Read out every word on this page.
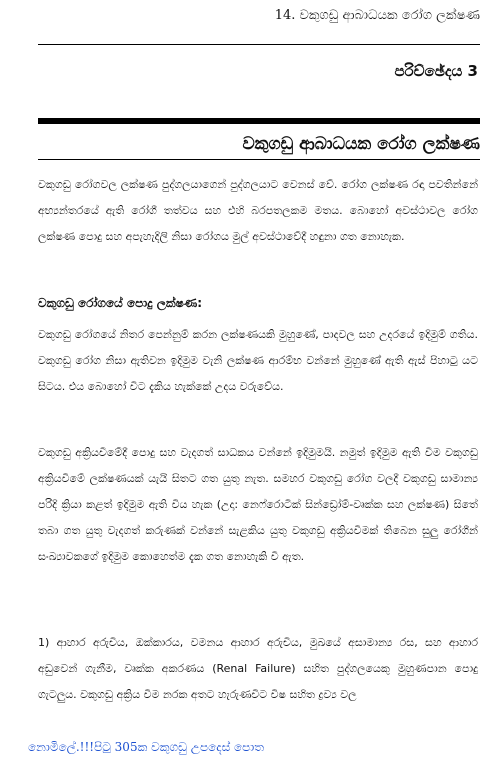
14. වකුගඩු ආබාධයක රෝග ලක්ෂණ
පරිච්ඡේදය 3
වකුගඩු ආබාධයක රෝග ලක්ෂණ
වකුගඩු රෝගවල ලක්ෂණ පුද්ගලයාගෙන් පුද්ගලයාට වෙනස් වේ. රෝග ලක්ෂණ රඳා පවතින්නේ අභ්‍යන්තරයේ ඇති රෝගී තත්වය සහ එහි බරපතලකම මතය. බොහෝ අවස්ථාවල රෝග ලක්ෂණ පොදු සහ අපැහැදිලි නිසා රෝගය මුල් අවස්ථාවේදී හඳුනා ගත නොහැක.
වකුගඩු රෝගයේ පොදු ලක්ෂණ:
වකුගඩු රෝගයේ නිතර පෙන්නුම් කරන ලක්ෂණයකි මුහුණේ, පාදවල සහ උදරයේ ඉදිමුම් ගතිය. වකුගඩු රෝග නිසා ඇතිවන ඉදිමුම වැනි ලක්ෂණ ආරම්භ වන්නේ මුහුණේ ඇති ඇස් පිහාටු යට සිටය. එය බොහෝ විට දැකිය හැක්කේ උදය වරුවේය.
වකුගඩු අක්‍රියවීමේදී පොදු සහ වැදගත් සාධකය වන්නේ ඉදිමුමයි. නමුත් ඉදිමුම ඇති වීම වකුගඩු අක්‍රියවීමේ ලක්ෂණයක් යැයි සිතට ගත යුතු නැත. සමහර වකුගඩු රෝග වලදී වකුගඩු සාමාන්‍ය පරිදි ක්‍රියා කළත් ඉදිමුම ඇති විය හැක (උදා: නෙෆ්රොටික් සින්ඩ්‍රෝම්-වෘක්ක සහ ලක්ෂණ) සිතේ තබා ගත යුතු වැදගත් කරුණක් වන්නේ සැළකිය යුතු වකුගඩු අක්‍රියවීමක් තිබෙන සුලු රෝගීන් සංඛ්‍යාවකගේ ඉදිමුම කොහෙත්ම දැක ගත නොහැකි වී ඇත.
1) ආහාර අරුචිය, ඔක්කාරය, වමනය ආහාර අරුචිය, මුඛයේ අසාමාන්‍ය රස, සහ ආහාර අඩුවෙන් ගැනීම, වෘක්ක අකරණය (Renal Failure) සහිත පුද්ගලයෙකු මුහුණපාන පොදු ගැටලුය. වකුගඩු අක්‍රිය වීම නරක අතට හැරුණවිට විෂ සහිත ද්‍රව්‍ය වල
නොමිලේ.!!!පිටු 305ක වකුගඩු උපදෙස් පොත
